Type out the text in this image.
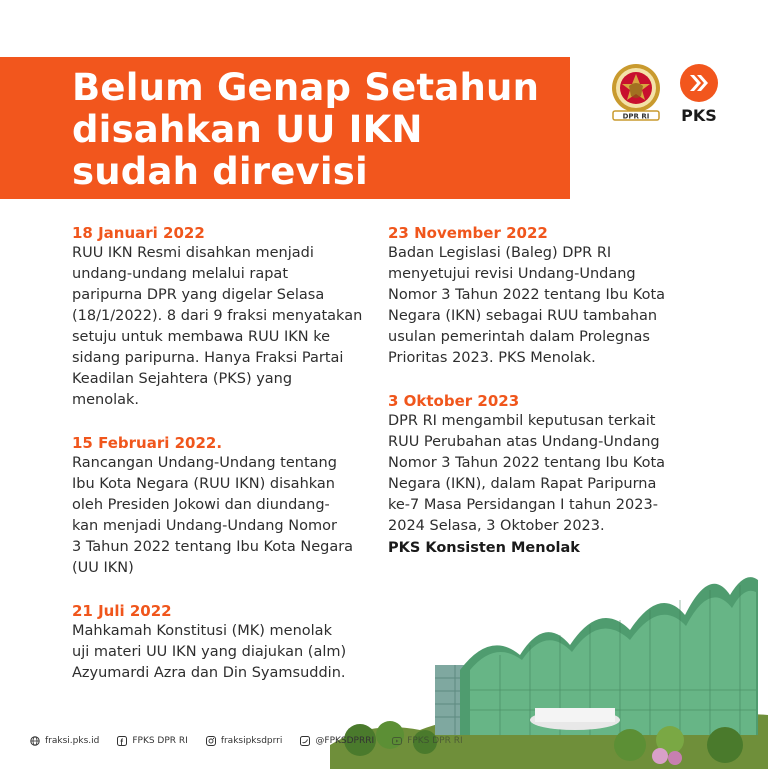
Belum Genap Setahun
disahkan UU IKN
sudah direvisi
DPR RI	PKS
18 Januari 2022
RUU IKN Resmi disahkan menjadi
undang-undang melalui rapat
paripurna DPR yang digelar Selasa
(18/1/2022). 8 dari 9 fraksi menyatakan
setuju untuk membawa RUU IKN ke
sidang paripurna. Hanya Fraksi Partai
Keadilan Sejahtera (PKS) yang
menolak.
15 Februari 2022.
Rancangan Undang-Undang tentang
Ibu Kota Negara (RUU IKN) disahkan
oleh Presiden Jokowi dan diundang-
kan menjadi Undang-Undang Nomor
3 Tahun 2022 tentang Ibu Kota Negara
(UU IKN)
21 Juli 2022
Mahkamah Konstitusi (MK) menolak
uji materi UU IKN yang diajukan (alm)
Azyumardi Azra dan Din Syamsuddin.
23 November 2022
Badan Legislasi (Baleg) DPR RI
menyetujui revisi Undang-Undang
Nomor 3 Tahun 2022 tentang Ibu Kota
Negara (IKN) sebagai RUU tambahan
usulan pemerintah dalam Prolegnas
Prioritas 2023. PKS Menolak.
3 Oktober 2023
DPR RI mengambil keputusan terkait
RUU Perubahan atas Undang-Undang
Nomor 3 Tahun 2022 tentang Ibu Kota
Negara (IKN), dalam Rapat Paripurna
ke-7 Masa Persidangan I tahun 2023-
2024 Selasa, 3 Oktober 2023.
PKS Konsisten Menolak
fraksi.pks.id	FPKS DPR RI	fraksipksdprri	@FPKSDPRRI	FPKS DPR RI
